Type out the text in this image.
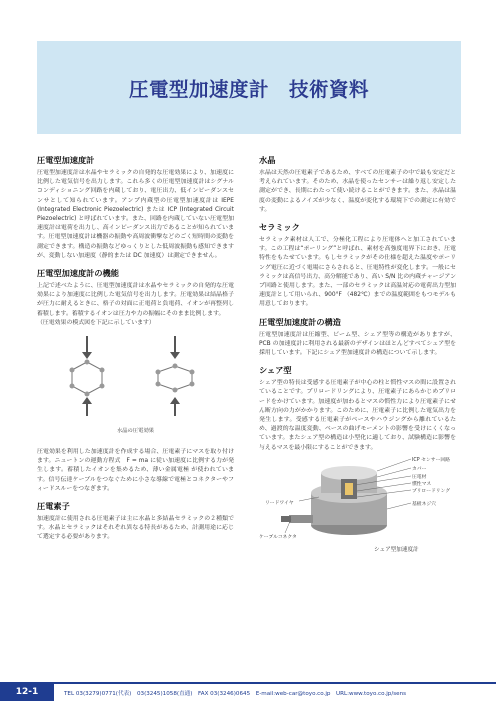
圧電型加速度計　技術資料
圧電型加速度計

圧電型加速度計は水晶やセラミックの自発的な圧電効果により、加速度に比例した電気信号を出力します。これら多くの圧電型加速度計はシグナルコンディショニング回路を内蔵しており、電圧出力、低インピーダンスセンサとして知られています。アンプ内蔵型の圧電型加速度計は IEPE (Integrated Electronic Piezoelectric) または ICP (Integrated Circuit Piezoelectric) と呼ばれています。また、回路を内蔵していない圧電型加速度計は電荷を出力し、高インピーダンス出力であることが知られています。圧電型加速度計は機器の振動や高周波衝撃などのごく短時間の変動を測定できます。構造の振動などゆっくりとした低周波振動も感知できますが、変動しない加速度（静的または DC 加速度）は測定できません。

圧電型加速度計の機能

上記で述べたように、圧電型加速度計は水晶やセラミックの自発的な圧電効果により加速度に比例した電気信号を出力します。圧電効果は結晶格子が圧力に耐えるときに、格子の対面に正電荷と負電荷、イオンが再整列し蓄積します。蓄積するイオンは圧力や力の振幅にそのまま比例します。

（圧電効果の模式図を下記に示しています）

水晶の圧電効果

圧電効果を利用した加速度計を作成する場合、圧電素子にマスを取り付けます。ニュートンの運動方程式　F = ma に従い加速度に比例する力が発生します。蓄積したイオンを集めるため、薄い金属電極 が使われています。信号伝達ケーブルをつなぐために小さな導線で電極とコネクターやフィードスルーをつなぎます。

圧電素子

加速度計に使用される圧電素子は主に水晶と多結晶セラミックの２種類です。水晶とセラミックはそれぞれ異なる特長があるため、計測用途に応じて選定する必要があります。

水晶

水晶は天然の圧電素子であるため、すべての圧電素子の中で最も安定だと考えられています。そのため、水晶を使ったセンサーは繰り返し安定した測定ができ、長期にわたって使い続けることができます。また、水晶は温度の変動によるノイズが少なく、温度が変化する環境下での測定に有効です。

セラミック

セラミック素材は人工で、分極化工程により圧電体へと加工されています。この工程は“ポーリング”と呼ばれ、素材を高強度電界下におき、圧電特性をもたせています。もしセラミックがその仕様を超えた温度やポーリング電圧に近づく電場にさらされると、圧電特性が変化します。一般にセラミックは高信号出力、高分解能であり、高い S/N 比の内蔵チャージアンプ回路と使用します。また、一部のセラミックは高温対応の電荷出力型加速度計として用いられ、900°F （482℃）までの温度範囲をもつモデルも用意しております。

圧電型加速度計の構造

圧電型加速度計は圧縮型、ビーム型、シェア型等の構造がありますが、PCB の加速度計に利用される最新のデザインはほとんどすべてシェア型を採用しています。下記にシェア型加速度計の構造について示します。

シェア型

シェア型の特長は受感する圧電素子が中心の柱と慣性マスの間に設置されていることです。プリロードリングにより、圧電素子にあらかじめプリロードをかけています。加速度が加わるとマスの慣性力により圧電素子にせん断方向の力がかかります。このために、圧電素子に比例した電気出力を発生します。受感する圧電素子がベースやハウジングから離れているため、過渡的な温度変動、ベースの曲げモーメントの影響を受けにくくなっています。またシェア型の構造は小型化に適しており、試験構造に影響を与えるマスを最小限にすることができます。

ICP センサー回路
カバー
圧電材
慣性マス
プリロードリング
基板ネジ穴
リードワイヤ
ケーブルコネクタ
シェア型加速度計
12-1	TEL 03(3279)0771(代表)　03(3245)1058(直通)　FAX 03(3246)0645　E-mail:web-car@toyo.co.jp　URL:www.toyo.co.jp/sens
